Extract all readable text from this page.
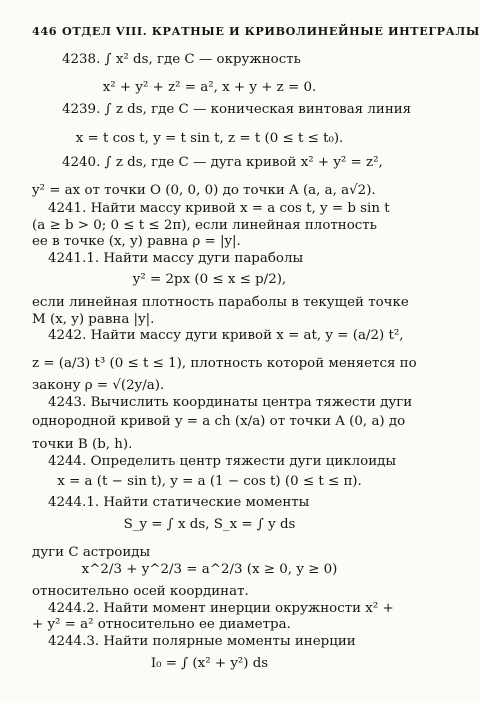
446 ОТДЕЛ VIII. КРАТНЫЕ И КРИВОЛИНЕЙНЫЕ ИНТЕГРАЛЫ
4238. ∫ x² ds, где C — окружность
x² + y² + z² = a², x + y + z = 0.
4239. ∫ z ds, где C — коническая винтовая линия
x = t cos t, y = t sin t, z = t (0 ≤ t ≤ t₀).
4240. ∫ z ds, где C — дуга кривой x² + y² = z²,
y² = ax от точки O (0, 0, 0) до точки A (a, a, a√2).
4241. Найти массу кривой x = a cos t, y = b sin t
(a ≥ b > 0; 0 ≤ t ≤ 2π), если линейная плотность
ее в точке (x, y) равна ρ = |y|.
4241.1. Найти массу дуги параболы
y² = 2px (0 ≤ x ≤ p/2),
если линейная плотность параболы в текущей точке
M (x, y) равна |y|.
4242. Найти массу дуги кривой x = at, y = (a/2) t²,
z = (a/3) t³ (0 ≤ t ≤ 1), плотность которой меняется по
закону ρ = √(2y/a).
4243. Вычислить координаты центра тяжести дуги
однородной кривой y = a ch (x/a) от точки A (0, a) до
точки B (b, h).
4244. Определить центр тяжести дуги циклоиды
x = a (t − sin t), y = a (1 − cos t) (0 ≤ t ≤ π).
4244.1. Найти статические моменты
S_y = ∫ x ds, S_x = ∫ y ds
дуги C астроиды
x^2/3 + y^2/3 = a^2/3 (x ≥ 0, y ≥ 0)
относительно осей координат.
4244.2. Найти момент инерции окружности x² +
+ y² = a² относительно ее диаметра.
4244.3. Найти полярные моменты инерции
I₀ = ∫ (x² + y²) ds
